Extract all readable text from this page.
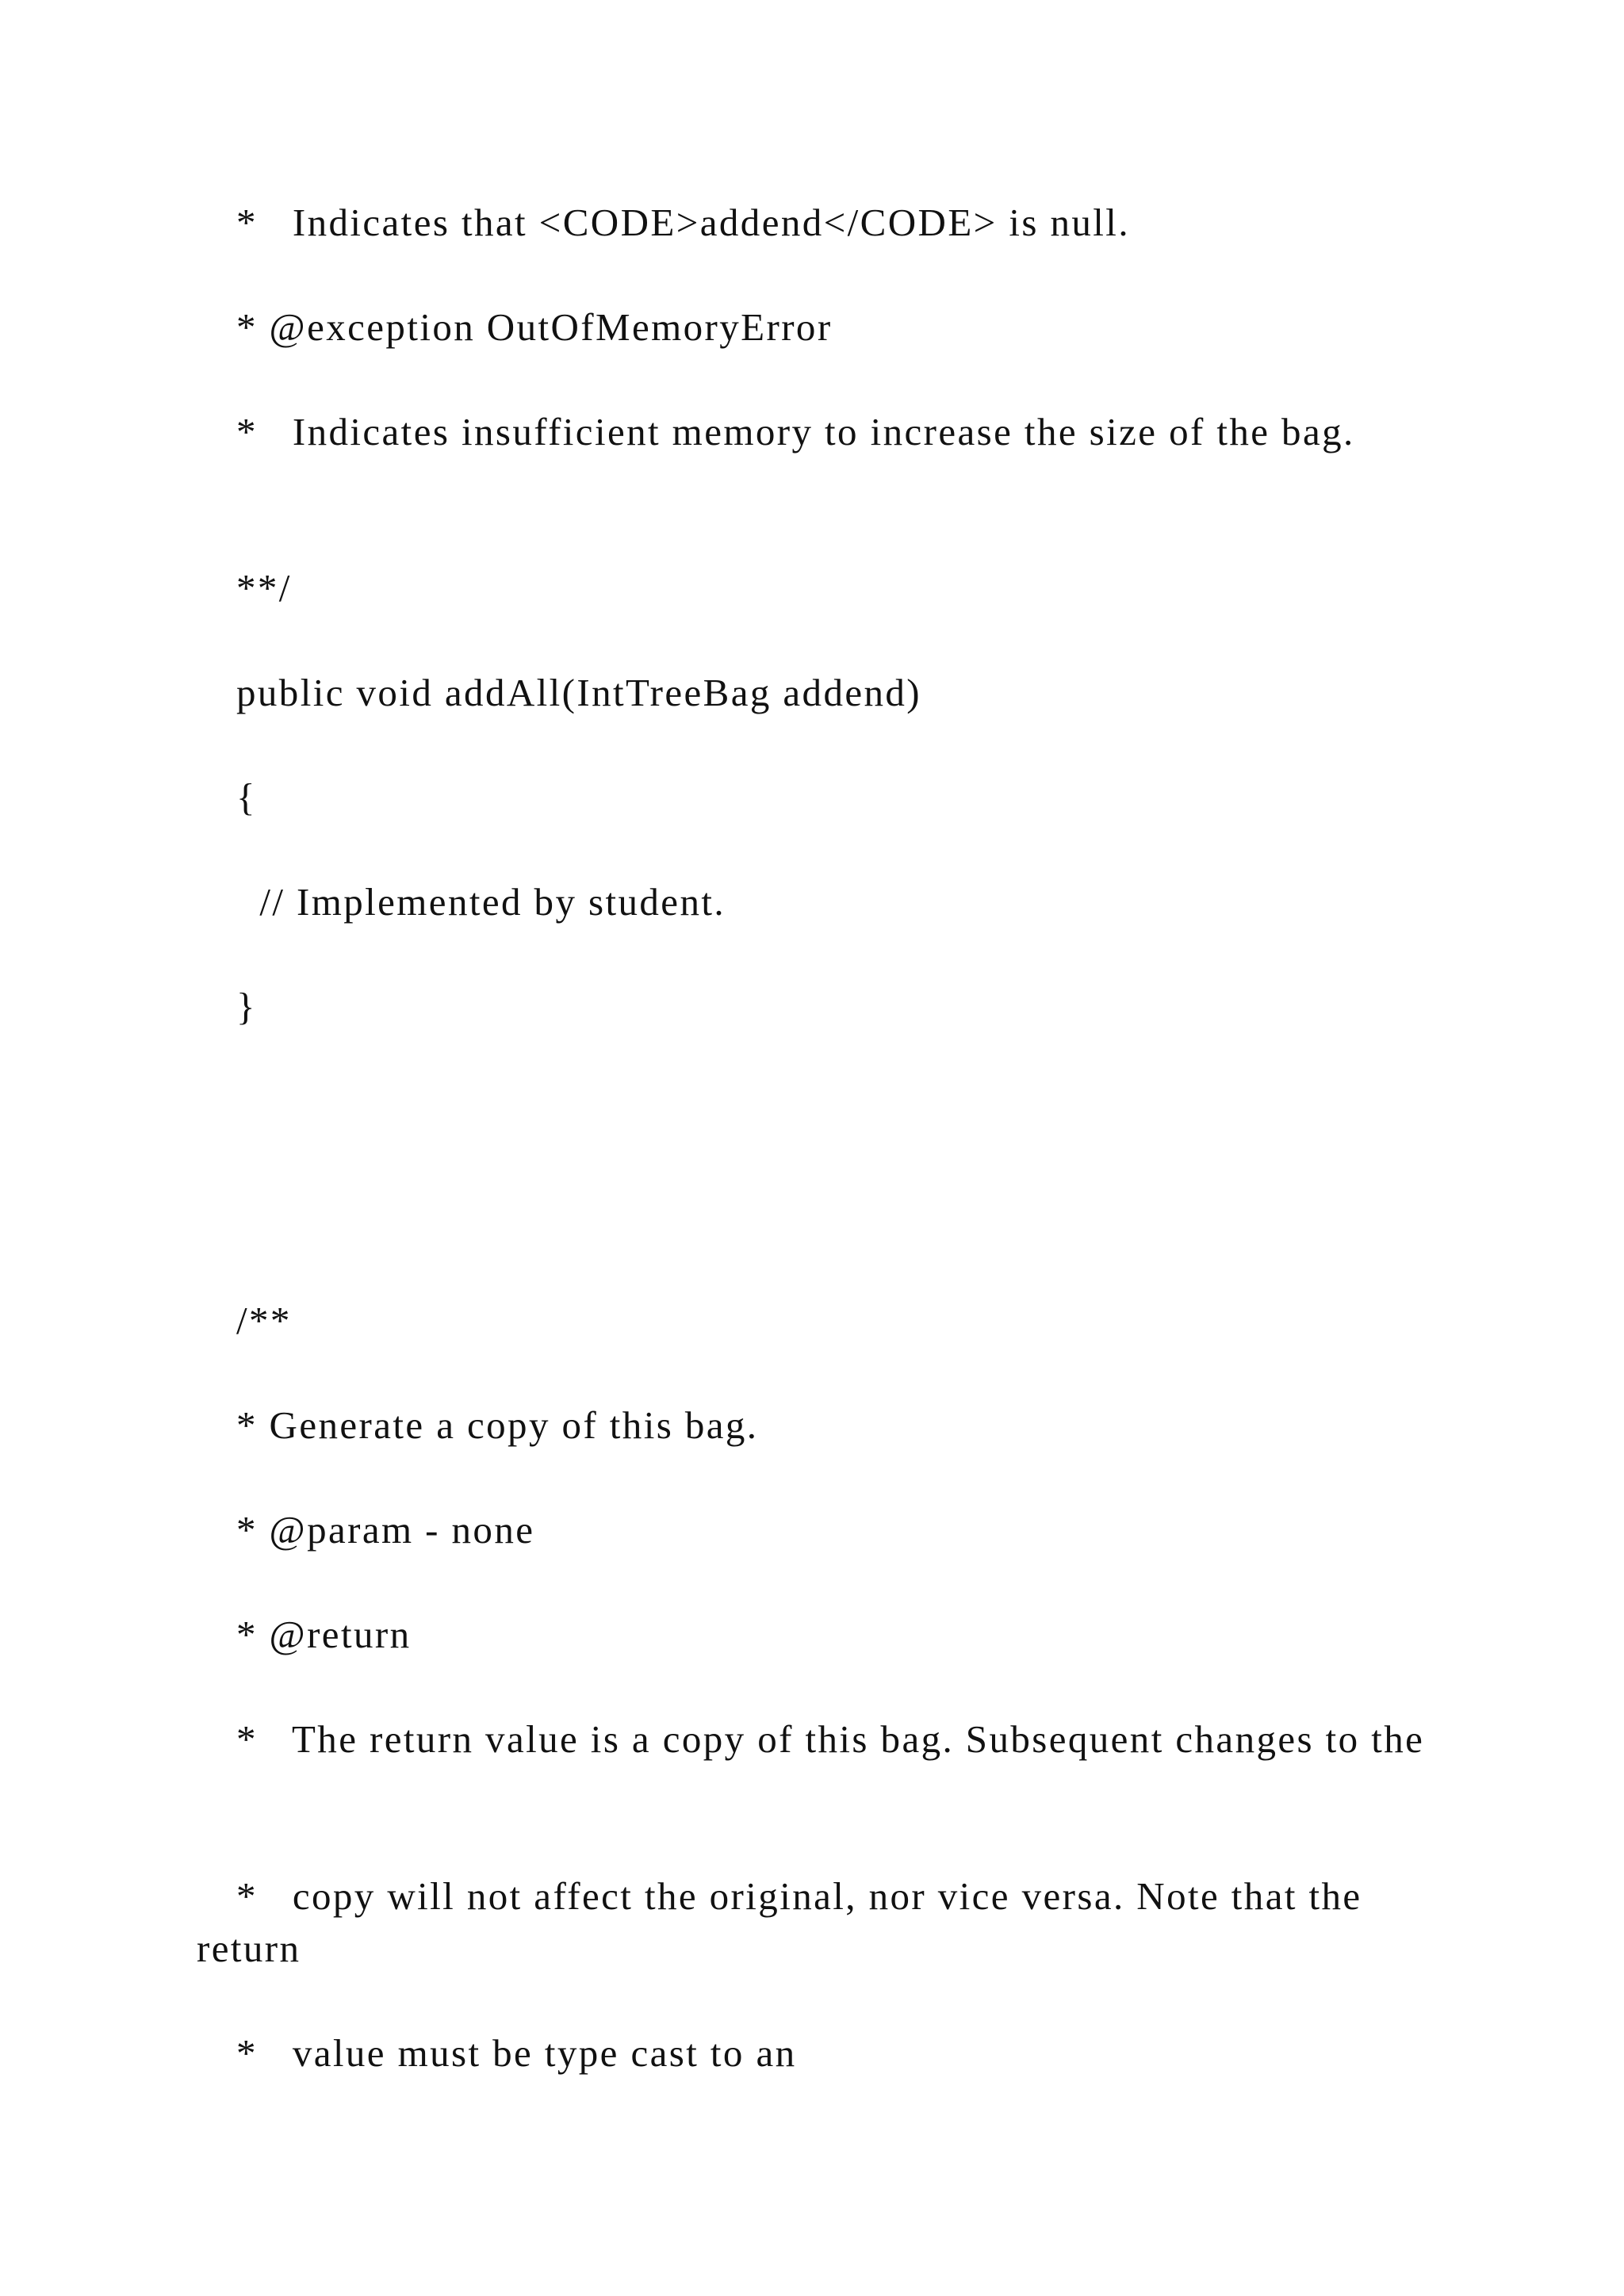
*   Indicates that <CODE>addend</CODE> is null.

* @exception OutOfMemoryError

*   Indicates insufficient memory to increase the size of the bag.

**/

public void addAll(IntTreeBag addend)

{

// Implemented by student.

}

/**

* Generate a copy of this bag.

* @param - none

* @return

*   The return value is a copy of this bag. Subsequent changes to the

*   copy will not affect the original, nor vice versa. Note that the return

*   value must be type cast to an
